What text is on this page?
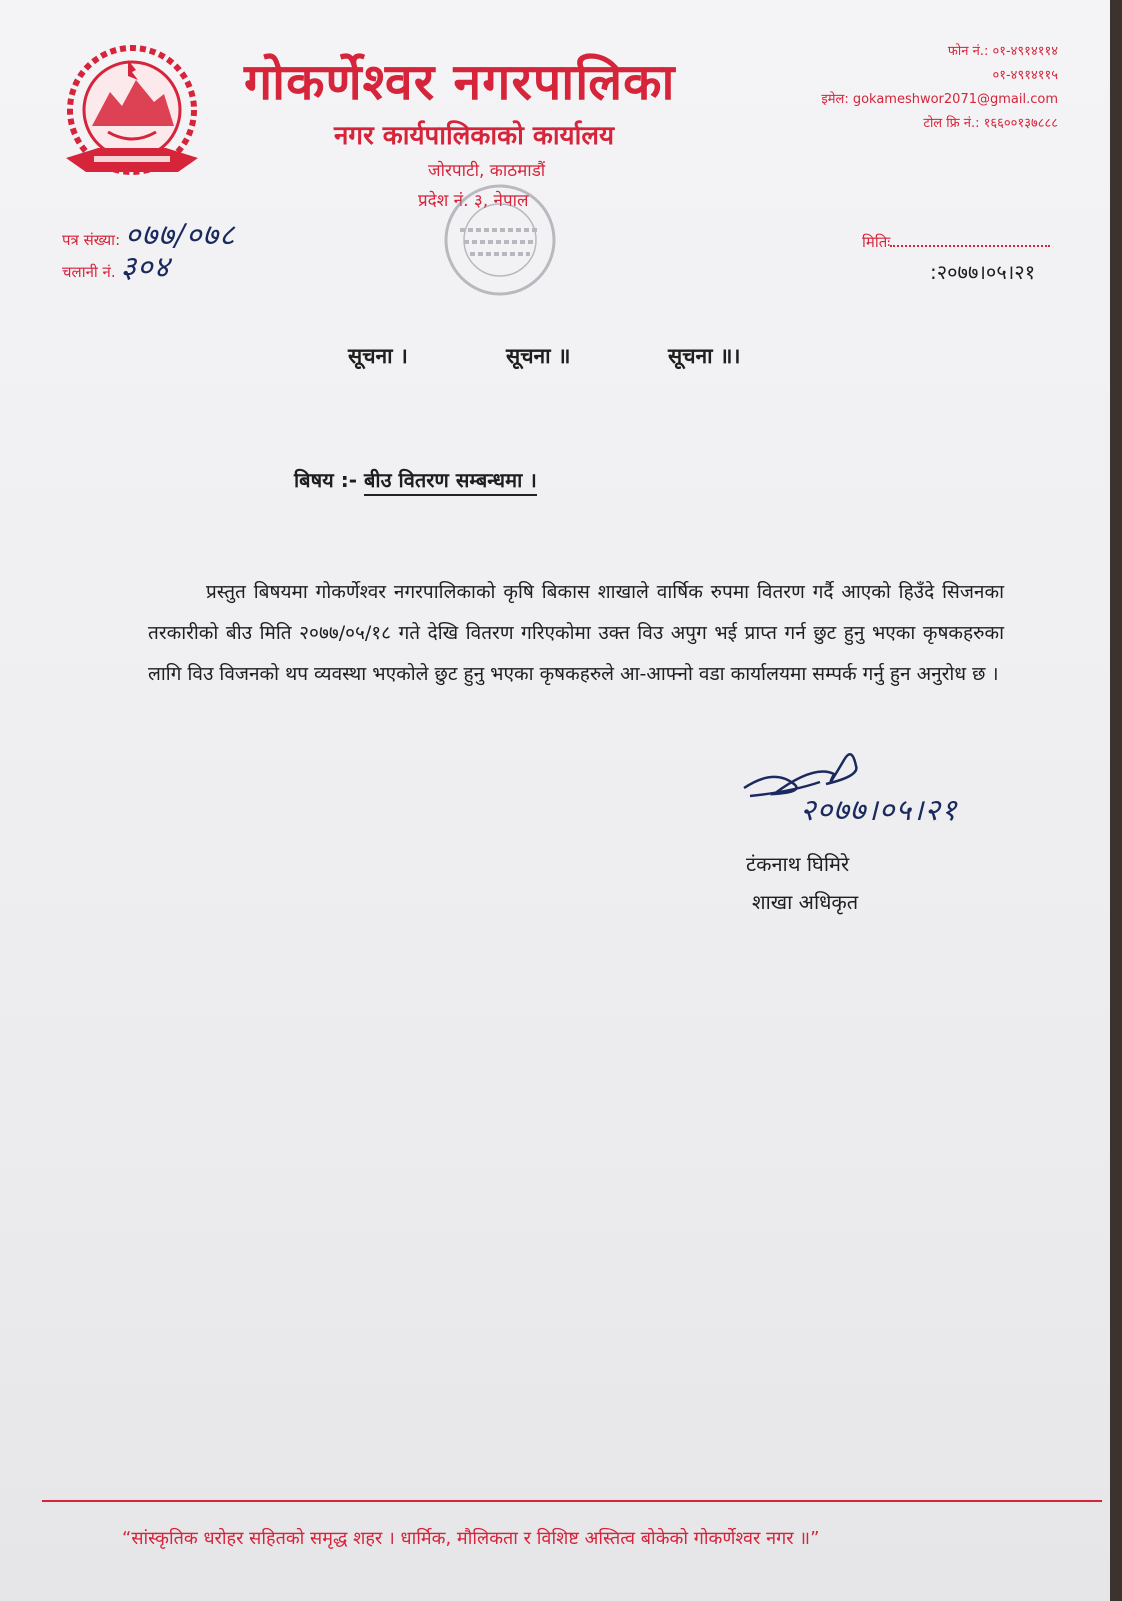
गोकर्णेश्वर नगरपालिका
नगर कार्यपालिकाको कार्यालय
जोरपाटी, काठमाडौं
प्रदेश नं. ३, नेपाल
फोन नं.: ०१-४९१४११४
०१-४९१४११५
इमेल: gokameshwor2071@gmail.com
टोल फ्रि नं.: १६६००१३७८८८
पत्र संख्या: ०७७/०७८
चलानी नं. ३०४
मितिः
:२०७७।०५।२१
सूचना ।	सूचना ॥	सूचना ॥।
बिषय :- बीउ वितरण सम्बन्धमा ।
प्रस्तुत बिषयमा गोकर्णेश्वर नगरपालिकाको कृषि बिकास शाखाले वार्षिक रुपमा वितरण गर्दै आएको हिउँदे सिजनका तरकारीको बीउ मिति २०७७/०५/१८ गते देखि वितरण गरिएकोमा उक्त विउ अपुग भई प्राप्त गर्न छुट हुनु भएका कृषकहरुका लागि विउ विजनको थप व्यवस्था भएकोले छुट हुनु भएका कृषकहरुले आ-आफ्नो वडा कार्यालयमा सम्पर्क गर्नु हुन अनुरोध छ ।
२०७७।०५।२१
टंकनाथ घिमिरे
शाखा अधिकृत
“सांस्कृतिक धरोहर सहितको समृद्ध शहर । धार्मिक, मौलिकता र विशिष्ट अस्तित्व बोकेको गोकर्णेश्वर नगर ॥”
